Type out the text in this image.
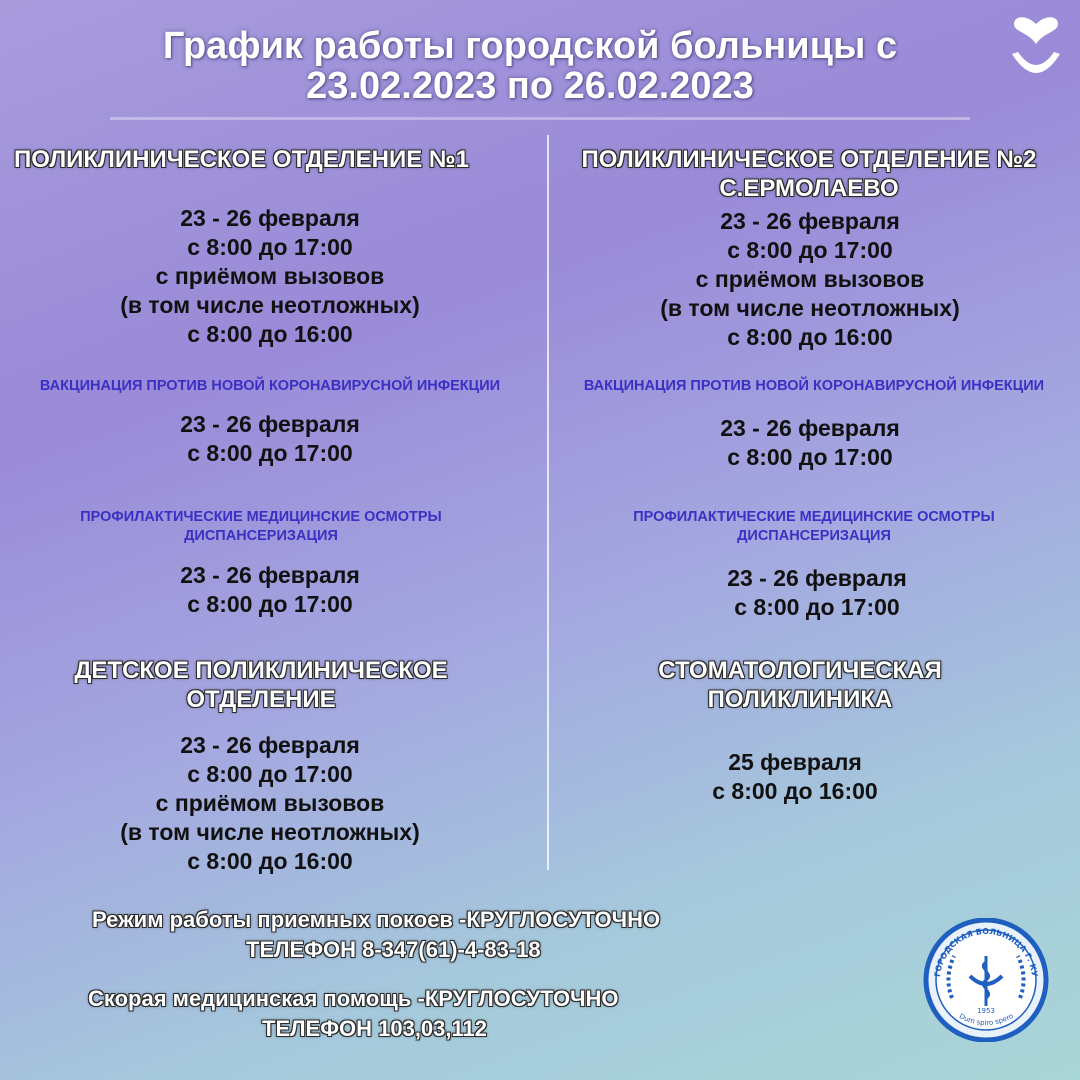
График работы городской больницы с
23.02.2023 по 26.02.2023
ПОЛИКЛИНИЧЕСКОЕ ОТДЕЛЕНИЕ №1
23 - 26 февраля
с 8:00 до 17:00
с приёмом вызовов
(в том числе неотложных)
с 8:00 до 16:00
ВАКЦИНАЦИЯ ПРОТИВ НОВОЙ КОРОНАВИРУСНОЙ ИНФЕКЦИИ
23 - 26 февраля
с 8:00 до 17:00
ПРОФИЛАКТИЧЕСКИЕ МЕДИЦИНСКИЕ ОСМОТРЫ
ДИСПАНСЕРИЗАЦИЯ
23 - 26 февраля
с 8:00 до 17:00
ДЕТСКОЕ ПОЛИКЛИНИЧЕСКОЕ
ОТДЕЛЕНИЕ
23 - 26 февраля
с 8:00 до 17:00
с приёмом вызовов
(в том числе неотложных)
с 8:00 до 16:00
ПОЛИКЛИНИЧЕСКОЕ ОТДЕЛЕНИЕ №2
С.ЕРМОЛАЕВО
23 - 26 февраля
с 8:00 до 17:00
с приёмом вызовов
(в том числе неотложных)
с 8:00 до 16:00
ВАКЦИНАЦИЯ ПРОТИВ НОВОЙ КОРОНАВИРУСНОЙ ИНФЕКЦИИ
23 - 26 февраля
с 8:00 до 17:00
ПРОФИЛАКТИЧЕСКИЕ МЕДИЦИНСКИЕ ОСМОТРЫ
ДИСПАНСЕРИЗАЦИЯ
23 - 26 февраля
с 8:00 до 17:00
СТОМАТОЛОГИЧЕСКАЯ
ПОЛИКЛИНИКА
25 февраля
с 8:00 до 16:00
Режим работы приемных покоев -КРУГЛОСУТОЧНО
ТЕЛЕФОН 8-347(61)-4-83-18
Скорая медицинская помощь -КРУГЛОСУТОЧНО
ТЕЛЕФОН 103,03,112
ГОРОДСКАЯ БОЛЬНИЦА Г. КУ
1953
Dum spiro spero
